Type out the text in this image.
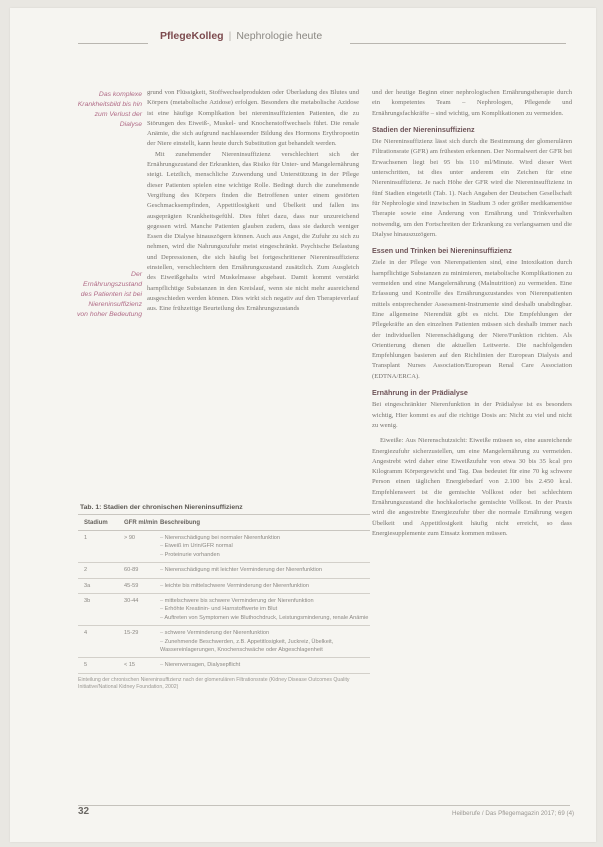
PflegeKolleg | Nephrologie heute
Das komplexe Krankheitsbild bis hin zum Verlust der Dialyse
Der Ernährungszustand des Patienten ist bei Niereninsuffizienz von hoher Bedeutung

grund von Flüssigkeit, Stoffwechselprodukten oder Überladung des Blutes und Körpers (metabolische Azidose) erfolgen. Besonders die metabolische Azidose ist eine häufige Komplikation bei niereninsuffizienten Patienten, die zu Störungen des Eiweiß-, Muskel- und Knochenstoffwechsels führt. Die renale Anämie, die sich aufgrund nachlassender Bildung des Hormons Erythropoetin der Niere einstellt, kann heute durch Substitution gut behandelt werden.

Mit zunehmender Niereninsuffizienz verschlechtert sich der Ernährungszustand der Erkrankten, das Risiko für Unter- und Mangelernährung steigt. Letztlich, menschliche Zuwendung und Unterstützung in der Pflege dieser Patienten spielen eine wichtige Rolle. Bedingt durch die zunehmende Vergiftung des Körpers finden die Betroffenen unter einem gestörten Geschmacksempfinden, Appetitlosigkeit und Übelkeit und fallen ins ausgeprägten Krankheitsgefühl. Dies führt dazu, dass nur unzureichend gegessen wird. Manche Patienten glauben zudem, dass sie dadurch weniger Essen die Dialyse hinauszögern können. Auch aus Angst, die Zufuhr zu sich zu nehmen, wird die Nahrungszufuhr meist eingeschränkt. Psychische Belastung und Depressionen, die sich häufig bei fortgeschrittener Niereninsuffizienz einstellen, verschlechtern den Ernährungszustand zusätzlich. Zum Ausgleich des Eiweißgehalts wird Muskelmasse abgebaut. Damit kommt verstärkt harnpflichtige Substanzen in den Kreislauf, wenn sie nicht mehr ausreichend ausgeschieden werden können. Dies wirkt sich negativ auf den Therapieverlauf aus. Eine frühzeitige Beurteilung des Ernährungszustands

und der heutige Beginn einer nephrologischen Ernährungstherapie durch ein kompetentes Team – Nephrologen, Pflegende und Ernährungsfachkräfte – sind wichtig, um Komplikationen zu vermeiden.

Stadien der Niereninsuffizienz

Die Niereninsuffizienz lässt sich durch die Bestimmung der glomerulären Filtrationsrate (GFR) am frühesten erkennen. Der Normalwert der GFR bei Erwachsenen liegt bei 95 bis 110 ml/Minute. Wird dieser Wert unterschritten, ist dies unter anderem ein Zeichen für eine Niereninsuffizienz. Je nach Höhe der GFR wird die Niereninsuffizienz in fünf Stadien eingeteilt (Tab. 1). Nach Angaben der Deutschen Gesellschaft für Nephrologie sind inzwischen in Stadium 3 oder größer medikamentöse Therapie sowie eine Änderung von Ernährung und Trinkverhalten notwendig, um den Fortschreiten der Erkrankung zu verlangsamen und die Dialyse hinauszuzögern.

Essen und Trinken bei Niereninsuffizienz

Ziele in der Pflege von Nierenpatienten sind, eine Intoxikation durch harnpflichtige Substanzen zu minimieren, metabolische Komplikationen zu vermeiden und eine Mangelernährung (Malnutrition) zu vermeiden. Eine Erfassung und Kontrolle des Ernährungszustandes von Nierenpatienten mittels entsprechender Assessment-Instrumente sind deshalb unabdingbar. Eine allgemeine Nierendiät gibt es nicht. Die Empfehlungen der Pflegekräfte an den einzelnen Patienten müssen sich deshalb immer nach der individuellen Nierenschädigung der Niere/Funktion richten. Als Orientierung dienen die aktuellen Leitwerte. Die nachfolgenden Empfehlungen basieren auf den Richtlinien der European Dialysis and Transplant Nurses Association/European Renal Care Association (EDTNA/ERCA).

Ernährung in der Prädialyse

Bei eingeschränkter Nierenfunktion in der Prädialyse ist es besonders wichtig, Hier kommt es auf die richtige Dosis an: Nicht zu viel und nicht zu wenig.

Eiweiße: Aus Nierenschutzsicht: Eiweiße müssen so, eine ausreichende Energiezufuhr sicherzustellen, um eine Mangelernährung zu vermeiden. Angestrebt wird daher eine Eiweißzufuhr von etwa 30 bis 35 kcal pro Kilogramm Körpergewicht und Tag. Das bedeutet für eine 70 kg schwere Person einen täglichen Energiebedarf von 2.100 bis 2.450 kcal. Empfehlenswert ist die gemischte Vollkost oder bei schlechtem Ernährungszustand die hochkalorische gemischte Vollkost. In der Praxis wird die angestrebte Energiezufuhr über die normale Ernährung wegen Übelkeit und Appetitlosigkeit häufig nicht erreicht, so dass Energiesupplemente zum Einsatz kommen müssen.

Tab. 1: Stadien der chronischen Niereninsuffizienz
Stadium	GFR ml/min Beschreibung
1	> 90	– Nierenschädigung bei normaler Nierenfunktion
– Eiweiß im Urin/GFR normal
– Proteinurie vorhanden
2	60-89	– Nierenschädigung mit leichter Verminderung der Nierenfunktion
3a	45-59	– leichte bis mittelschwere Verminderung der Nierenfunktion
3b	30-44	– mittelschwere bis schwere Verminderung der Nierenfunktion
– Erhöhte Kreatinin- und Harnstoffwerte im Blut
– Auftreten von Symptomen wie Bluthochdruck, Leistungsminderung, renale Anämie
4	15-29	– schwere Verminderung der Nierenfunktion
– Zunehmende Beschwerden, z.B. Appetitlosigkeit, Juckreiz, Übelkeit, Wassereinlagerungen, Knochenschwäche oder Abgeschlagenheit
5	< 15	– Nierenversagen, Dialysepflicht
Einteilung der chronischen Niereninsuffizienz nach der glomerulären Filtrationsrate (Kidney Disease Outcomes Quality Initiative/National Kidney Foundation, 2002)
32	Heilberufe / Das Pflegemagazin 2017; 69 (4)
